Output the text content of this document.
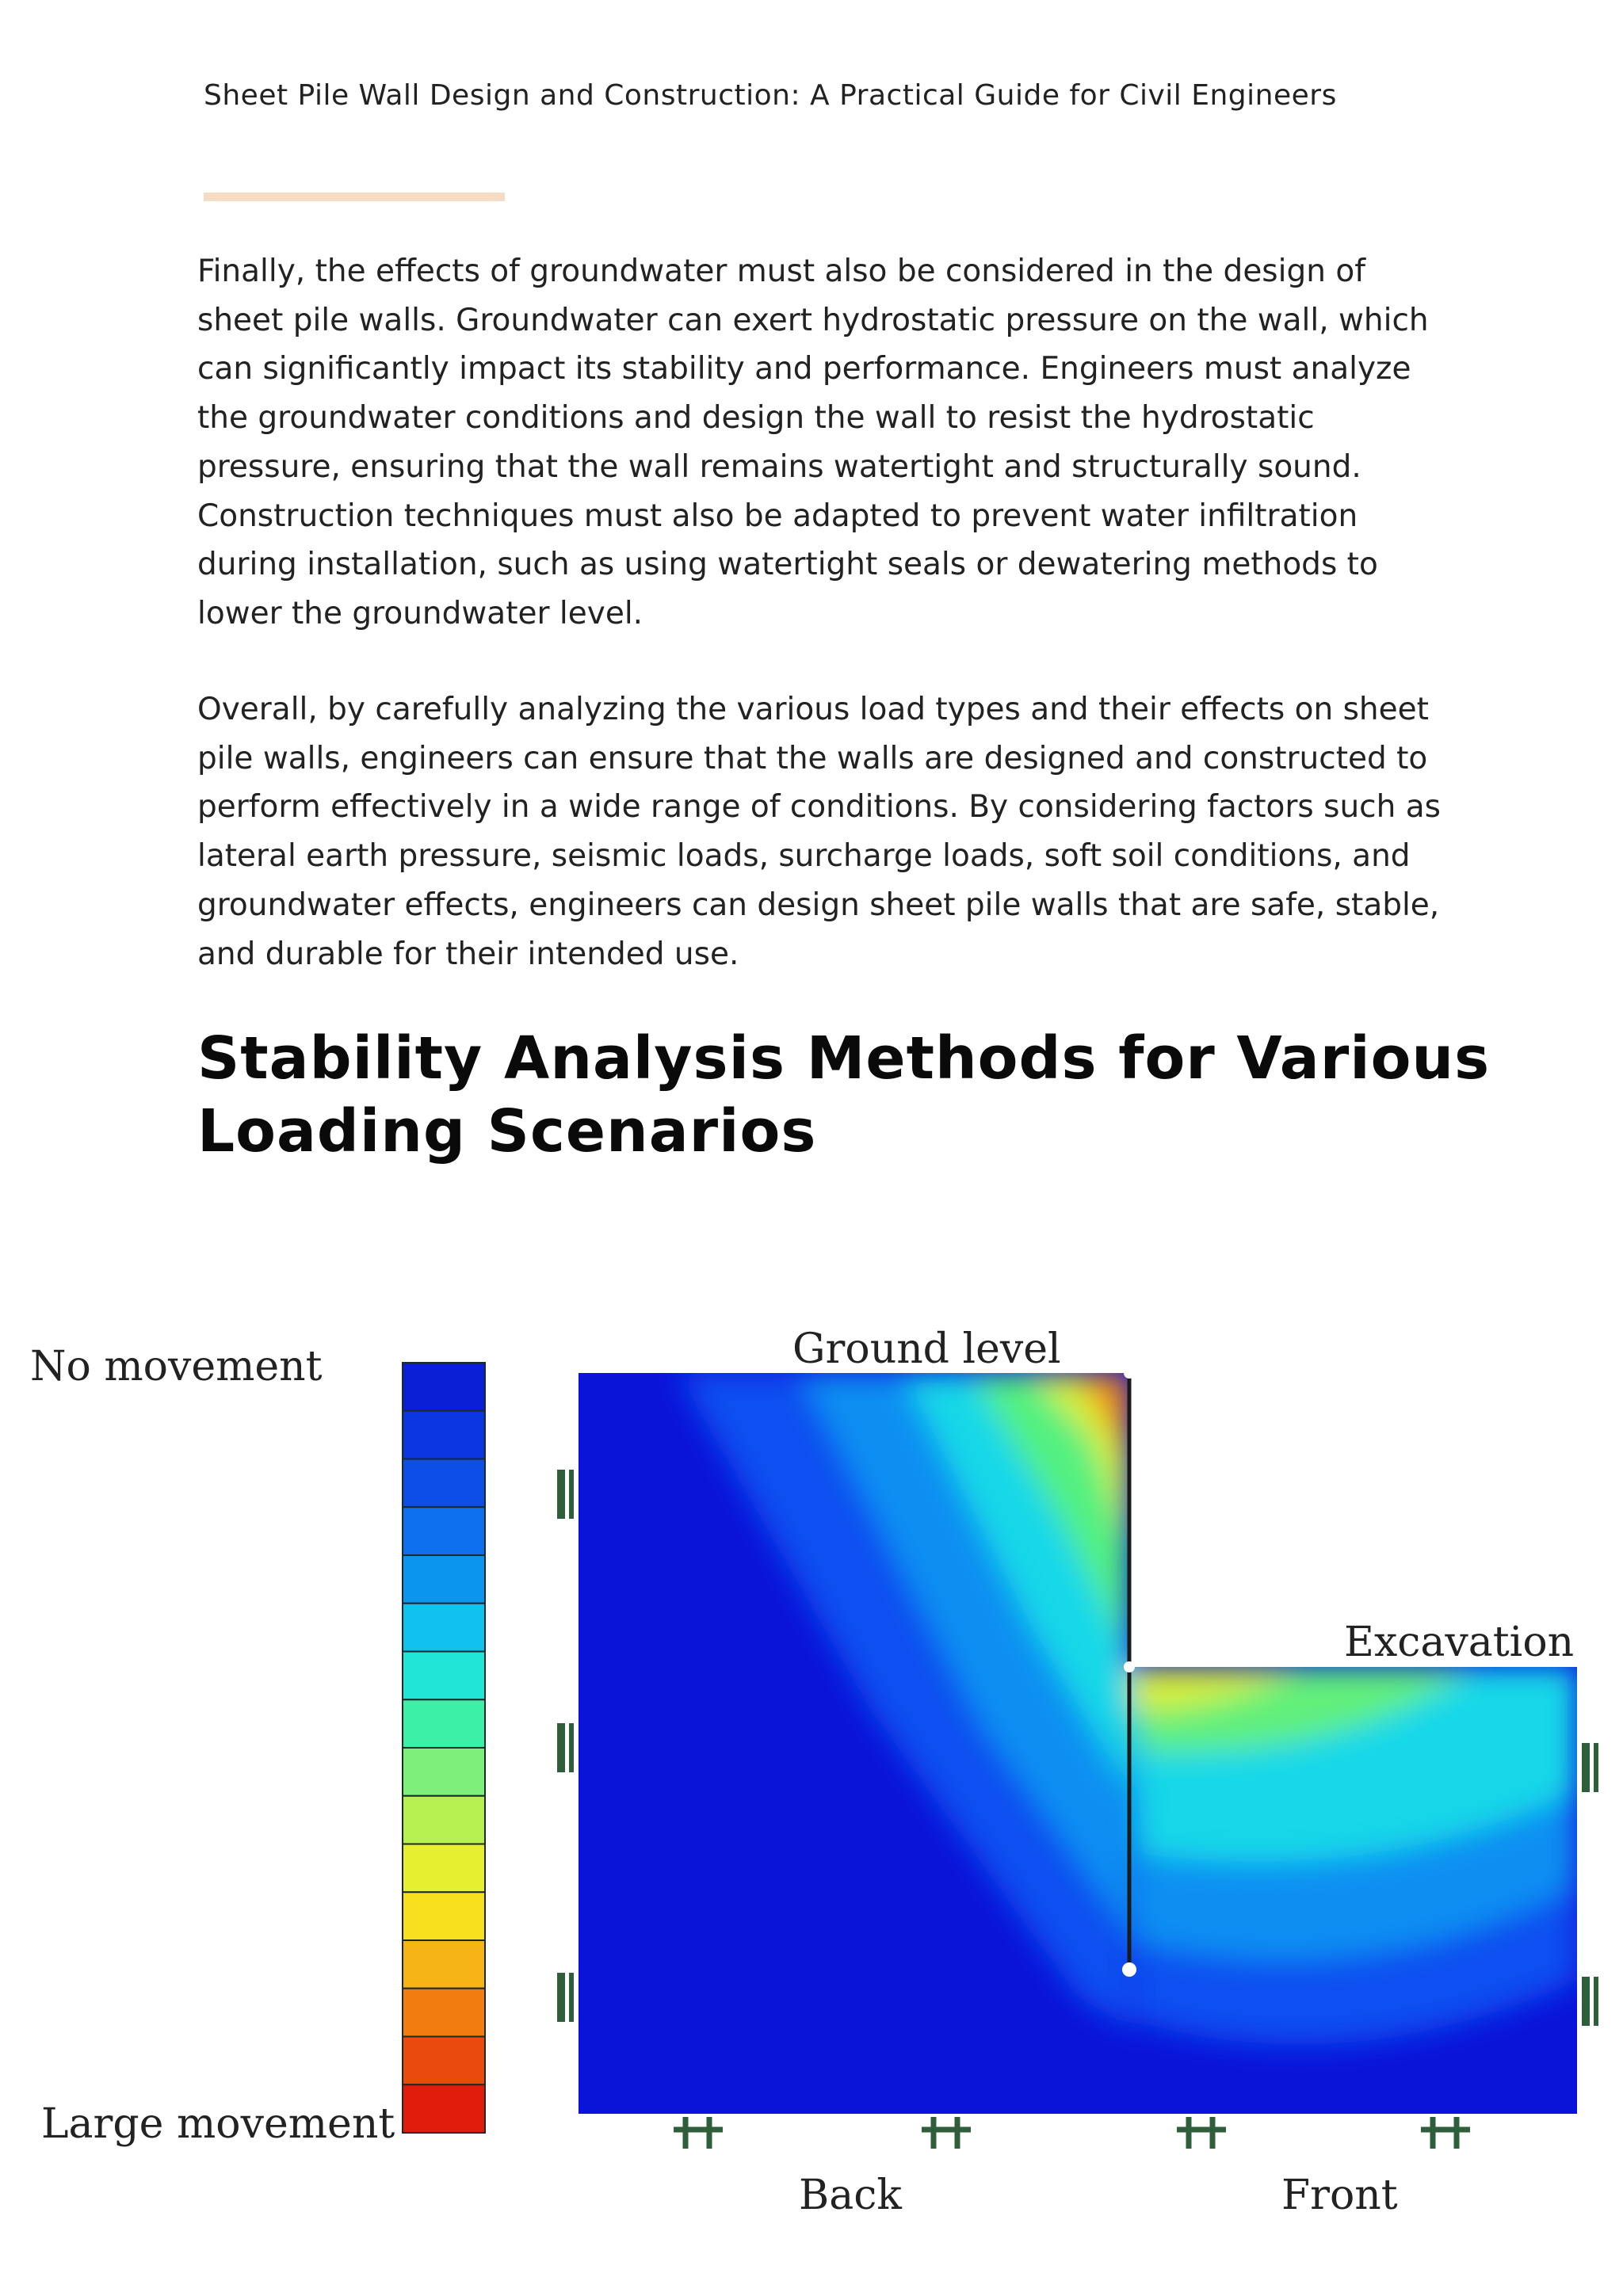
Sheet Pile Wall Design and Construction: A Practical Guide for Civil Engineers

Finally, the effects of groundwater must also be considered in the design of sheet pile walls. Groundwater can exert hydrostatic pressure on the wall, which can significantly impact its stability and performance. Engineers must analyze the groundwater conditions and design the wall to resist the hydrostatic pressure, ensuring that the wall remains watertight and structurally sound. Construction techniques must also be adapted to prevent water infiltration during installation, such as using watertight seals or dewatering methods to lower the groundwater level.

Overall, by carefully analyzing the various load types and their effects on sheet pile walls, engineers can ensure that the walls are designed and constructed to perform effectively in a wide range of conditions. By considering factors such as lateral earth pressure, seismic loads, surcharge loads, soft soil conditions, and groundwater effects, engineers can design sheet pile walls that are safe, stable, and durable for their intended use.

Stability Analysis Methods for Various Loading Scenarios
No movement
Large movement
Ground level
Excavation
Back	Front
